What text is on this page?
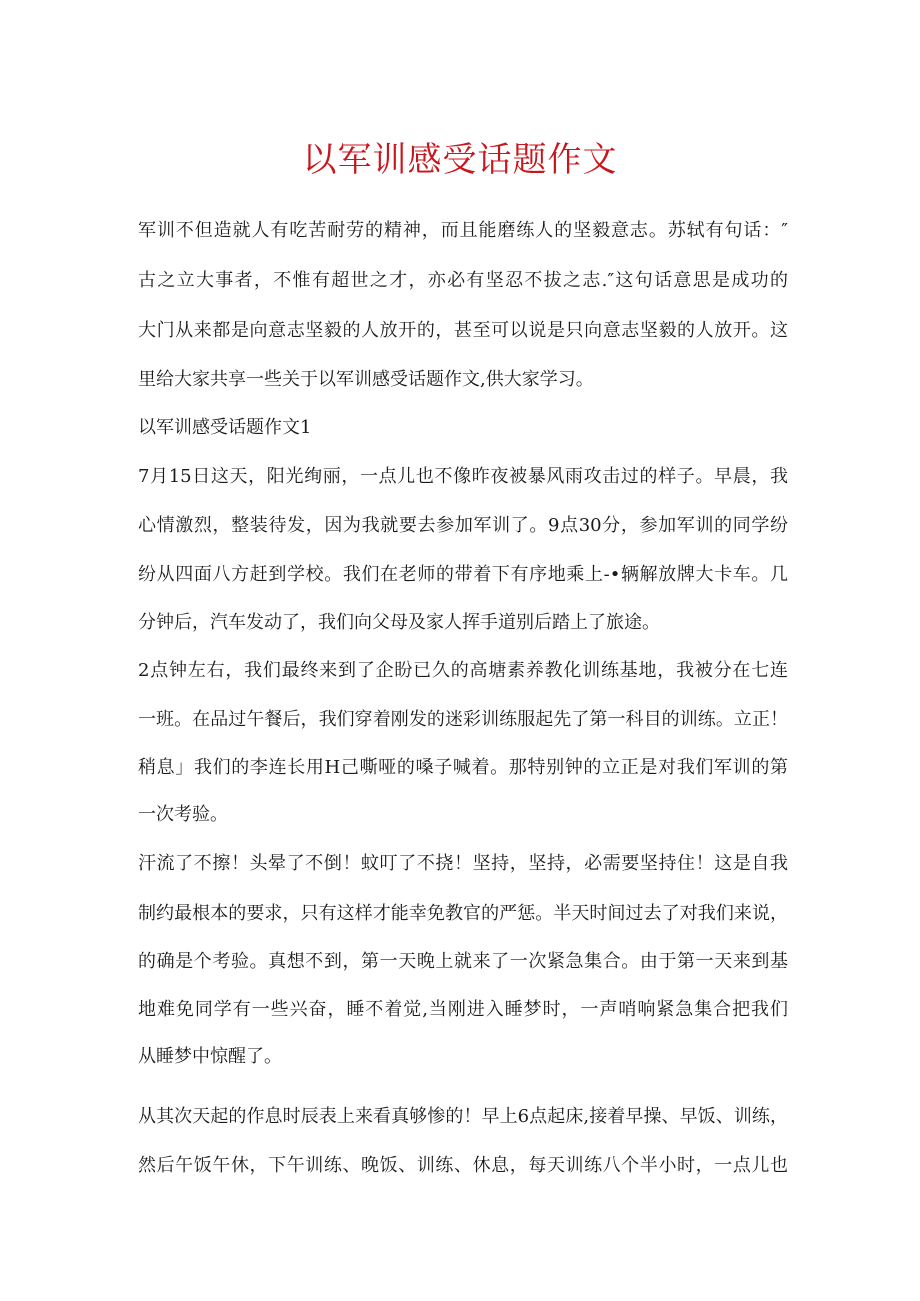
以军训感受话题作文

军训不但造就人有吃苦耐劳的精神，而且能磨练人的坚毅意志。苏轼有句话：″

古之立大事者，不惟有超世之才，亦必有坚忍不拔之志.″这句话意思是成功的

大门从来都是向意志坚毅的人放开的，甚至可以说是只向意志坚毅的人放开。这

里给大家共享一些关于以军训感受话题作文,供大家学习。

以军训感受话题作文1

7月15日这天，阳光绚丽，一点儿也不像昨夜被暴风雨攻击过的样子。早晨，我

心情激烈，整装待发，因为我就要去参加军训了。9点30分，参加军训的同学纷

纷从四面八方赶到学校。我们在老师的带着下有序地乘上-•辆解放牌大卡车。几

分钟后，汽车发动了，我们向父母及家人挥手道别后踏上了旅途。

2点钟左右，我们最终来到了企盼已久的高塘素养教化训练基地，我被分在七连

一班。在品过午餐后，我们穿着刚发的迷彩训练服起先了第一科目的训练。立正！

稍息」我们的李连长用H己嘶哑的嗓子喊着。那特别钟的立正是对我们军训的第

一次考验。

汗流了不擦！头晕了不倒！蚊叮了不挠！坚持，坚持，必需要坚持住！这是自我

制约最根本的要求，只有这样才能幸免教官的严惩。半天时间过去了对我们来说，

的确是个考验。真想不到，第一天晚上就来了一次紧急集合。由于第一天来到基

地难免同学有一些兴奋，睡不着觉,当刚进入睡梦时，一声哨响紧急集合把我们

从睡梦中惊醒了。

从其次天起的作息时辰表上来看真够惨的！早上6点起床,接着早操、早饭、训练，

然后午饭午休，下午训练、晚饭、训练、休息，每天训练八个半小时，一点儿也
